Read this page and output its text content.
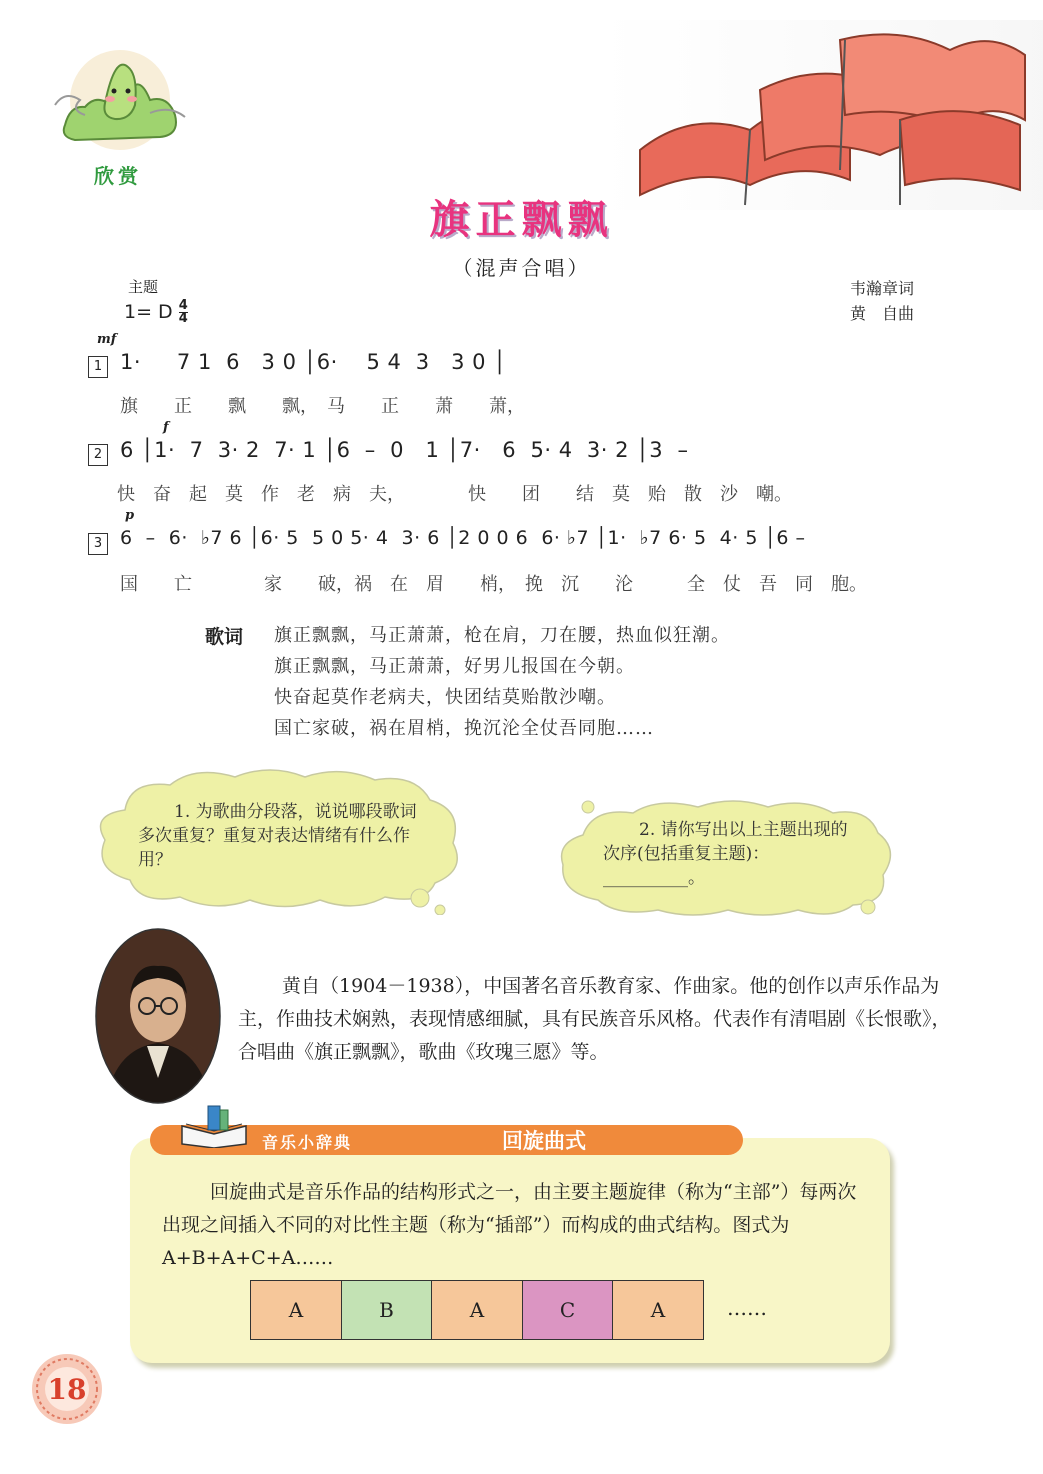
欣赏
旗正飘飘
（混声合唱）
主题
1= D $\frac{4}{4}$
韦瀚章词
黄　自曲
mf
1 1·     7 1  6   3 0 │6·    5 4  3   3 0 │
旗　　正　　飘　　飘，　马　　正　　萧　　萧，
f
2 6 │1·  7  3· 2  7· 1 │6  –  0   1 │7·   6  5· 4  3· 2 │3  –
快　奋　起　莫　作　老　病　夫，　　　　快　　团　　结　莫　贻　散　沙　嘲。
p
3 6  –  6·  ♭7 6 │6· 5  5 0 5· 4  3· 6 │2 0 0 6  6· ♭7 │1·  ♭7 6· 5  4· 5 │6 –
国　　亡　　　　家　　破，祸　在　眉　　梢，　挽　沉　　沦　　　全　仗　吾　同　胞。
歌词 旗正飘飘，马正萧萧，枪在肩，刀在腰，热血似狂潮。
旗正飘飘，马正萧萧，好男儿报国在今朝。
快奋起莫作老病夫，快团结莫贻散沙嘲。
国亡家破，祸在眉梢，挽沉沦全仗吾同胞……
1. 为歌曲分段落，说说哪段歌词多次重复？重复对表达情绪有什么作用？
2. 请你写出以上主题出现的次序(包括重复主题)：__________。
黄自（1904－1938），中国著名音乐教育家、作曲家。他的创作以声乐作品为主，作曲技术娴熟，表现情感细腻，具有民族音乐风格。代表作有清唱剧《长恨歌》，合唱曲《旗正飘飘》，歌曲《玫瑰三愿》等。
音乐小辞典	回旋曲式
回旋曲式是音乐作品的结构形式之一，由主要主题旋律（称为“主部”）每两次出现之间插入不同的对比性主题（称为“插部”）而构成的曲式结构。图式为 A+B+A+C+A……
A	B	A	C	A	……
18
